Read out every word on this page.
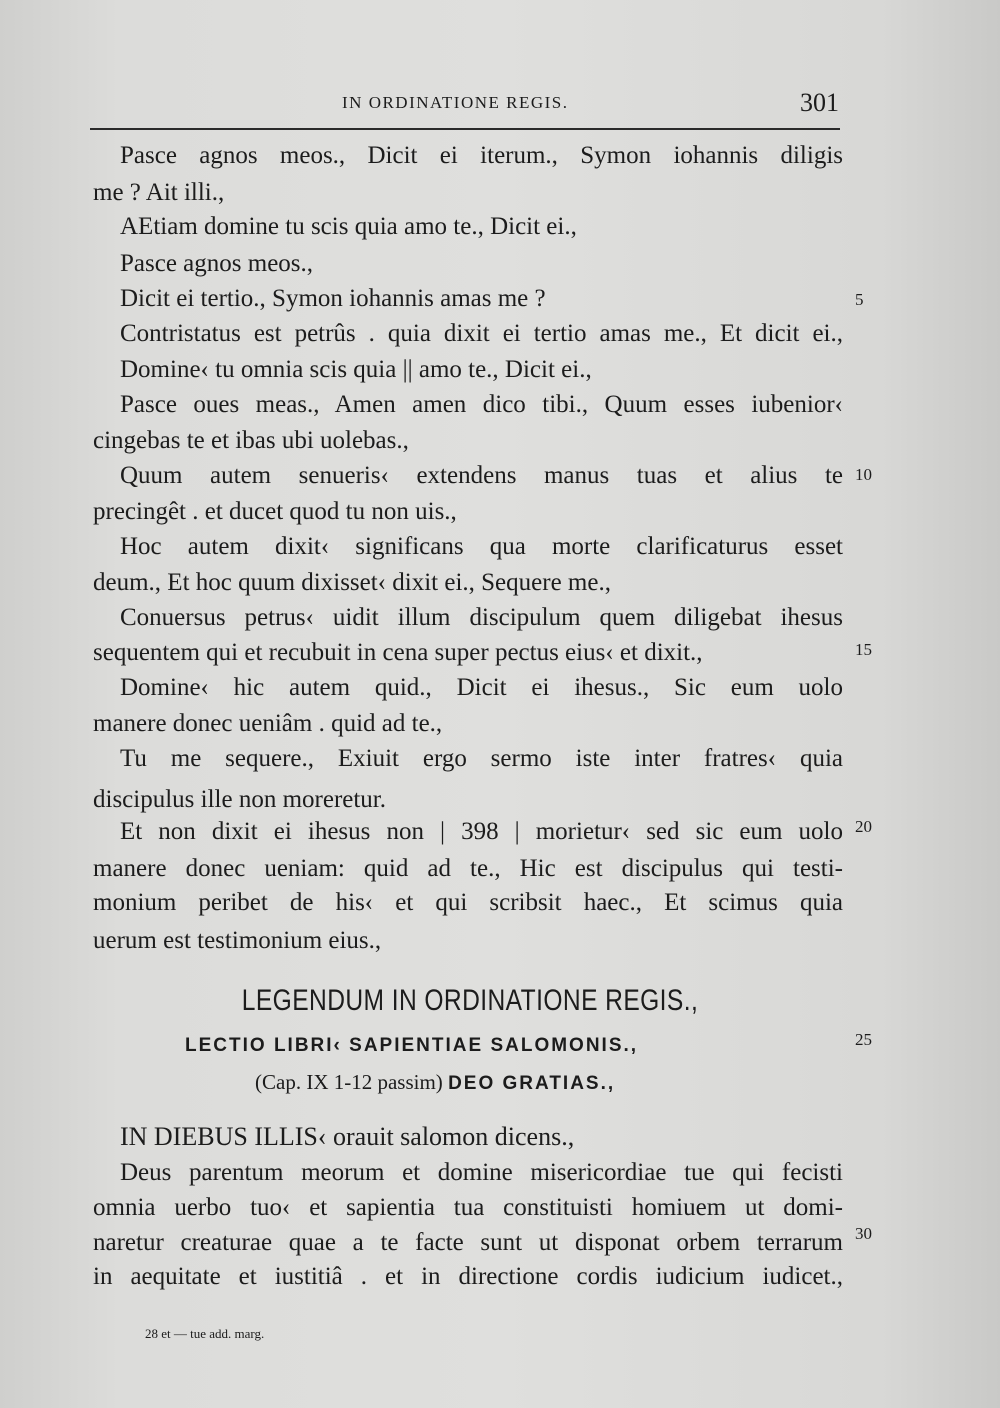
IN ORDINATIONE REGIS.	301
Pasce agnos meos., Dicit ei iterum., Symon iohannis diligis
me ? Ait illi.,
AEtiam domine tu scis quia amo te., Dicit ei.,
Pasce agnos meos.,
Dicit ei tertio., Symon iohannis amas me ?
Contristatus est petrûs . quia dixit ei tertio amas me., Et dicit ei.,
Domine‹ tu omnia scis quia || amo te., Dicit ei.,
Pasce oues meas., Amen amen dico tibi., Quum esses iubenior‹
cingebas te et ibas ubi uolebas.,
Quum autem senueris‹ extendens manus tuas et alius te
precingêt . et ducet quod tu non uis.,
Hoc autem dixit‹ significans qua morte clarificaturus esset
deum., Et hoc quum dixisset‹ dixit ei., Sequere me.,
Conuersus petrus‹ uidit illum discipulum quem diligebat ihesus
sequentem qui et recubuit in cena super pectus eius‹ et dixit.,
Domine‹ hic autem quid., Dicit ei ihesus., Sic eum uolo
manere donec ueniâm . quid ad te.,
Tu me sequere., Exiuit ergo sermo iste inter fratres‹ quia
discipulus ille non moreretur.
Et non dixit ei ihesus non | 398 | morietur‹ sed sic eum uolo
manere donec ueniam: quid ad te., Hic est discipulus qui testi-
monium peribet de his‹ et qui scribsit haec., Et scimus quia
uerum est testimonium eius.,
5
10
15
20
25
30
LEGENDUM IN ORDINATIONE REGIS.,
LECTIO LIBRI‹ SAPIENTIAE SALOMONIS.,
(Cap. IX 1-12 passim) DEO GRATIAS.,
IN DIEBUS ILLIS‹ orauit salomon dicens.,
Deus parentum meorum et domine misericordiae tue qui fecisti
omnia uerbo tuo‹ et sapientia tua constituisti homiuem ut domi-
naretur creaturae quae a te facte sunt ut disponat orbem terrarum
in aequitate et iustitiâ . et in directione cordis iudicium iudicet.,
28 et — tue add. marg.
